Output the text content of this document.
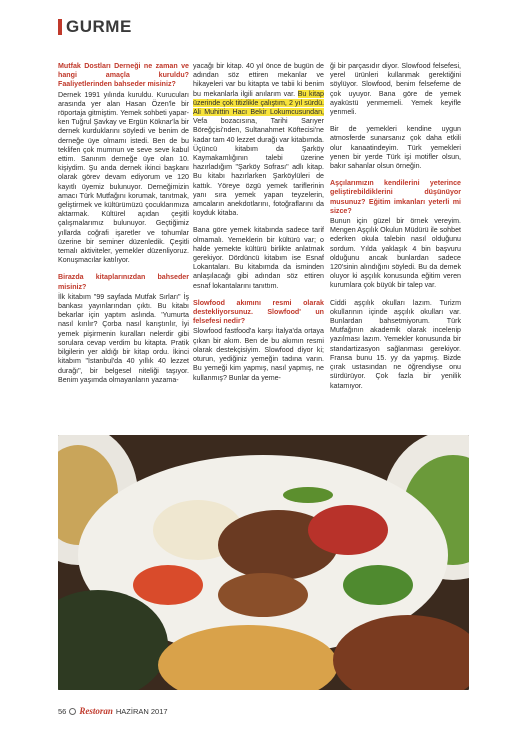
GURME
Mutfak Dostları Derneği ne zaman ve hangi amaçla kuruldu? Faaliyetlerinden bahseder misiniz?
Dernek 1991 yılında kuruldu. Kurucuları arasında yer alan Hasan Özen'le bir röportaja gitmiştim. Yemek sohbeti yapar-ken Tuğrul Şavkay ve Ergün Köknar'la bir dernek kurduklarını söyledi ve benim de derneğe üye olmamı istedi. Ben de bu teklifen çok mumnun ve seve seve kabul ettim. Sanırım derneğe üye olan 10. kişiydim. Şu anda dernek ikinci başkanı olarak görev devam ediyorum ve 120 kayıtlı üyemiz bulunuyor. Derneğimizin amacı Türk Mutfağını korumak, tanıtmak, geliştirmek ve kültürümüzü çocuklarımıza aktarmak. Kültürel açıdan çeşitli çalışmalarımız bulunuyor. Geçtiğimiz yıllarda coğrafi işaretler ve tohumlar üzerine bir seminer düzenledik. Çeşitli temalı aktiviteler, yemekler düzenliyoruz. Konuşmacılar katılıyor.
Birazda kitaplarınızdan bahseder misiniz?
İlk kitabım "99 sayfada Mutfak Sırları" İş bankası yayınlarından çıktı. Bu kitabı bekarlar için yaptım aslında. 'Yumurta nasıl kırılır? Çorba nasıl karıştırılır, İyi yemek pişirmenin kuralları nelerdir gibi sorulara cevap verdim bu kitapta. Pratik bilgilerin yer aldığı bir kitap ordu. İkinci kitabım "İstanbul'da 40 yıllık 40 lezzet durağı", bir belgesel niteliği taşıyor. Benim yaşımda olmayanların yazama-
yacağı bir kitap. 40 yıl önce de bugün de adından söz ettiren mekanlar ve hikayeleri var bu kitapta ve tabii ki benim bu mekanlarla ilgili anılarım var. Bu kitap üzerinde çok titizlikle çalıştım, 2 yıl sürdü. Ali Muhittin Hacı Bekir Lokumcusundan, Vefa bozacısına, Tarihi Sarıyer Böreğçisi'nden, Sultanahmet Köftecisi'ne kadar tam 40 lezzet durağı var kitabımda. Üçüncü kitabım da Şarköy Kaymakamlığının talebi üzerine hazırladığım "Şarköy Sofrası" adlı kitap. Bu kitabı hazırlarken Şarköylüleri de kattık. Yöreye özgü yemek tariflerinin yanı sıra yemek yapan teyzelerin, amcaların anekdotlarını, fotoğraflarını da koyduk kitaba.
Bana göre yemek kitabında sadece tarif olmamalı. Yemeklerin bir kültürü var; o halde yemekte kültürü birlikte anlatmak gerekiyor. Dördüncü kitabım ise Esnaf Lokantaları. Bu kitabımda da isminden anlaşılacağı gibi adından söz ettiren esnaf lokantalarını tanıttım.
Slowfood akımını resmi olarak destekliyorsunuz. Slowfood' un felsefesi nedir?
Slowfood fastfood'a karşı İtalya'da ortaya çıkan bir akım. Ben de bu akımın resmi olarak destekçisiyim. Slowfood diyor ki; oturun, yediğiniz yemeğin tadına varın. Bu yemeği kim yapmış, nasıl yapmış, ne kullanmış? Bunlar da yeme-
ği bir parçasıdır diyor. Slowfood felsefesi, yerel ürünleri kullanmak gerektiğini söylüyor. Slowfood, benim felsefeme de çok uyuyor. Bana göre de yemek ayaküstü yenmemeli. Yemek keyifle yenmeli.
Bir de yemekleri kendine uygun atmosferde sunarsanız çok daha etkili olur kanaatindeyim. Türk yemekleri yenen bir yerde Türk işi motifler olsun, bakır sahanlar olsun örneğin.
Aşçılarımızın kendilerini yeterince geliştirebildiklerini düşünüyor musunuz? Eğitim imkanları yeterli mi sizce?
Bunun için güzel bir örnek vereyim. Mengen Aşçılık Okulun Müdürü ile sohbet ederken okula talebin nasıl olduğunu sordum. Yılda yaklaşık 4 bin başvuru olduğunu ancak bunlardan sadece 120'sinin alındığını söyledi. Bu da demek oluyor ki aşçılık konusunda eğitim veren kurumlara çok büyük bir talep var.
Ciddi aşçılık okulları lazım. Turizm okullarının içinde aşçılık okulları var. Bunlardan bahsetmiyorum. Türk Mutfağının akademik olarak incelenip yazılması lazım. Yemekler konusunda bir standartizasyon sağlanması gerekiyor. Fransa bunu 15. yy da yapmış. Bizde çırak ustasından ne öğrendiyse onu sürdürüyor. Çok fazla bir yenilik katamıyor.
56 Restoran HAZİRAN 2017
